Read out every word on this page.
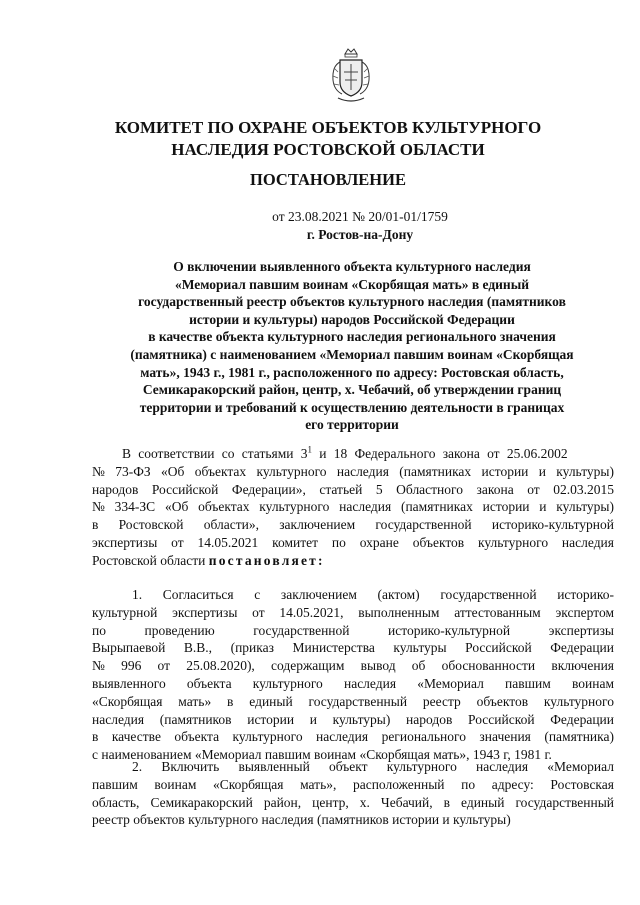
КОМИТЕТ ПО ОХРАНЕ ОБЪЕКТОВ КУЛЬТУРНОГО
НАСЛЕДИЯ РОСТОВСКОЙ ОБЛАСТИ
ПОСТАНОВЛЕНИЕ
от 23.08.2021 № 20/01-01/1759
г. Ростов-на-Дону
О включении выявленного объекта культурного наследия
«Мемориал павшим воинам «Скорбящая мать» в единый
государственный реестр объектов культурного наследия (памятников
истории и культуры) народов Российской Федерации
в качестве объекта культурного наследия регионального значения
(памятника) с наименованием «Мемориал павшим воинам «Скорбящая
мать», 1943 г., 1981 г., расположенного по адресу: Ростовская область,
Семикаракорский район, центр, х. Чебачий, об утверждении границ
территории и требований к осуществлению деятельности в границах
его территории
В соответствии со статьями $3^1$ и 18 Федерального закона от 25.06.2002
№ 73-ФЗ «Об объектах культурного наследия (памятниках истории и культуры)
народов Российской Федерации», статьей 5 Областного закона от 02.03.2015
№ 334-ЗС «Об объектах культурного наследия (памятниках истории и культуры)
в Ростовской области», заключением государственной историко-культурной
экспертизы от 14.05.2021 комитет по охране объектов культурного наследия
Ростовской области постановляет:
1. Согласиться с заключением (актом) государственной историко-
культурной экспертизы от 14.05.2021, выполненным аттестованным экспертом
по проведению государственной историко-культурной экспертизы
Вырыпаевой В.В., (приказ Министерства культуры Российской Федерации
№ 996 от 25.08.2020), содержащим вывод об обоснованности включения
выявленного объекта культурного наследия «Мемориал павшим воинам
«Скорбящая мать» в единый государственный реестр объектов культурного
наследия (памятников истории и культуры) народов Российской Федерации
в качестве объекта культурного наследия регионального значения (памятника)
с наименованием «Мемориал павшим воинам «Скорбящая мать», 1943 г, 1981 г.
2. Включить выявленный объект культурного наследия «Мемориал
павшим воинам «Скорбящая мать», расположенный по адресу: Ростовская
область, Семикаракорский район, центр, х. Чебачий, в единый государственный
реестр объектов культурного наследия (памятников истории и культуры)
